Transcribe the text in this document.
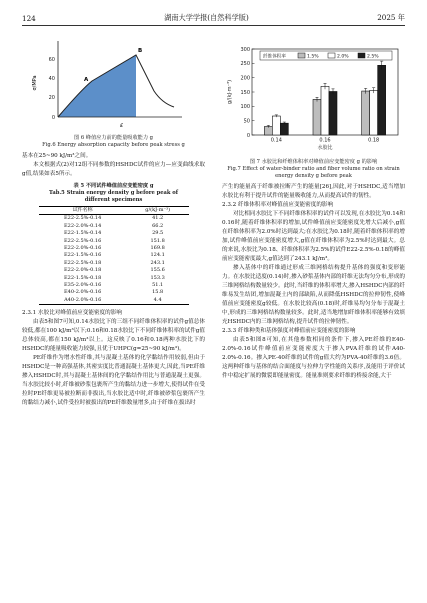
124	湖南大学学报(自然科学版)	2025 年
60
40
20
0
σ/MPa
ε
A
B

图 6 峰值应力前的能量吸收能力 g

Fig.6 Energy absorption capacity before peak stress g

基本在25~90 kJ/m³之间。

本文根据式(2)对12组不同参数的HSHDC试件的应力—应变曲线求取g值,结果如表5所示。

表 5 不同试件峰值前应变能密度 g

Tab.5 Strain energy density g before peak of different specimens

试件名称	g/(kJ·m⁻³)
E22-2.5%-0.14	41.2
E22-2.0%-0.14	66.2
E22-1.5%-0.14	29.5
E22-2.5%-0.16	151.8
E22-2.0%-0.16	169.8
E22-1.5%-0.16	124.1
E22-2.5%-0.18	243.1
E22-2.0%-0.18	155.6
E22-1.5%-0.18	153.3
E35-2.0%-0.16	51.1
E40-2.0%-0.16	15.8
A40-2.0%-0.16	4.4

2.3.1 水胶比对峰值前应变能密度的影响

由表5和图7可知,0.14水胶比下的三组不同纤维体积率的试件g值总体较低,都在100 kJ/m³以下;0.16和0.18水胶比下不同纤维体积率的试件g值总体较高,都在150 kJ/m³以上。这反映了0.16和0.18两种水胶比下的HSHDC的能量吸收能力较强,且优于UHPC(g=25~90 kJ/m³)。

PE纤维作为增水性纤维,其与混凝土基体的化学黏结作用较弱,但由于HSHDC是一种高强基体,其密实度比普通混凝土基体更大,因此,当PE纤维掺入HSHDC时,其与混凝土基体间的化学黏结作用比与普通混凝土更强。当水胶比较小时,纤维被砂浆包裹所产生的黏结力进一步增大,使得试件在受拉时PE纤维更易被拉断而非拔出,当水胶比适中时,纤维被砂浆包裹所产生的黏结力减小,试件受拉时被拔出的PE纤维数量增多,由于纤维在拔出时

0
50
100
150
200
250
300
g/(kJ·m⁻³)
0.14	0.16	0.18
水胶比
纤维体积率	1.5%	2.0%	2.5%

图 7 水胶比和纤维体积率对峰值前应变能密度 g 的影响

Fig.7 Effect of water-binder ratio and fiber volume ratio on strain energy density g before peak

产生的能量高于纤维被拉断产生的能量[26],因此,对于HSHDC,适当增加水胶比有利于提升试件的能量吸收能力,从而提高试件的韧性。

2.3.2 纤维体积率对峰值前应变能密度的影响

对比相同水胶比下不同纤维体积率的试件可以发现,在水胶比为0.14和0.16时,随着纤维体积率的增加,试件峰值前应变能密度先增大后减小,g值在纤维体积率为2.0%时达到最大;在水胶比为0.18时,随着纤维体积率的增加,试件峰值前应变能密度增大,g值在纤维体积率为2.5%时达到最大。总的来说,水胶比为0.18、纤维体积率为2.5%的试件E22-2.5%-0.18的峰值前应变能密度最大,g值达到了243.1 kJ/m³。

掺入基体中的纤维通过形成三维网格结构提升基体的强度和变形能力。在水胶比适度(0.14)时,掺入砂浆基体内部的纤维无法均匀分布,形成的三维网格结构数量较少。此时,当纤维的体积率增大,掺入HSHDC内部的纤维易发生结团,增加混凝土内的部缺陷,从而降低HSHDC的拉伸韧性,使峰值前应变能密度g较低。在水胶比较高(0.18)时,纤维易均匀分布于混凝土中,形成的三维网格结构数量较多。此时,适当地增加纤维体积率能够有效填充HSHDC内的三维网格结构,提升试件的拉伸韧性。

2.3.3 纤维种类和基体强度对峰值前应变能密度的影响

由表5和图8可知,在其他参数相同的条件下,掺入PE纤维的E40-2.0%-0.16试件峰值前应变能密度大于掺入PVA纤维的试件A40-2.0%-0.16。掺入PE-40纤维的试件的g值大约为PVA-40纤维的3.6倍。这两种纤维与基体的结合面能度与拉伸力学性能的关系序,及能用于评价试件中稳定扩展的微裂即能量密度。能量准则要求纤维的桥接余能,大于
